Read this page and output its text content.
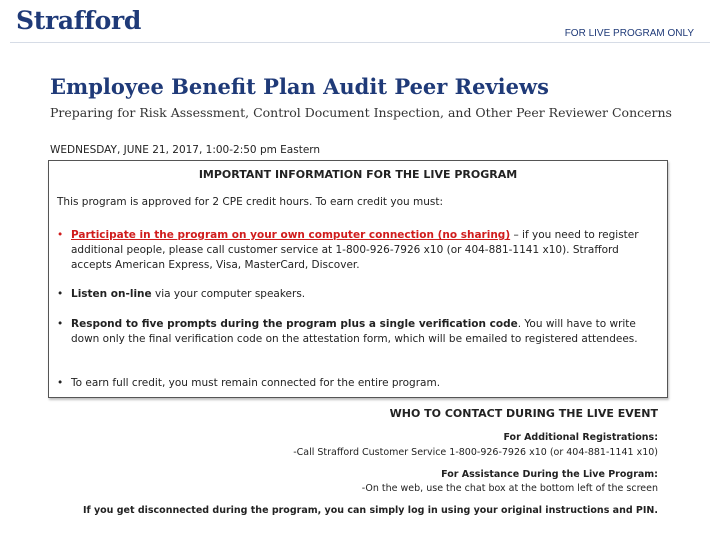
Strafford	FOR LIVE PROGRAM ONLY

Employee Benefit Plan Audit Peer Reviews

Preparing for Risk Assessment, Control Document Inspection, and Other Peer Reviewer Concerns

WEDNESDAY, JUNE 21, 2017, 1:00-2:50 pm Eastern

IMPORTANT INFORMATION FOR THE LIVE PROGRAM

This program is approved for 2 CPE credit hours. To earn credit you must:

• Participate in the program on your own computer connection (no sharing) – if you need to register additional people, please call customer service at 1-800-926-7926 x10 (or 404-881-1141 x10). Strafford accepts American Express, Visa, MasterCard, Discover.

• Listen on-line via your computer speakers.

• Respond to five prompts during the program plus a single verification code. You will have to write down only the final verification code on the attestation form, which will be emailed to registered attendees.

• To earn full credit, you must remain connected for the entire program.

WHO TO CONTACT DURING THE LIVE EVENT

For Additional Registrations:

-Call Strafford Customer Service 1-800-926-7926 x10 (or 404-881-1141 x10)

For Assistance During the Live Program:

-On the web, use the chat box at the bottom left of the screen

If you get disconnected during the program, you can simply log in using your original instructions and PIN.
